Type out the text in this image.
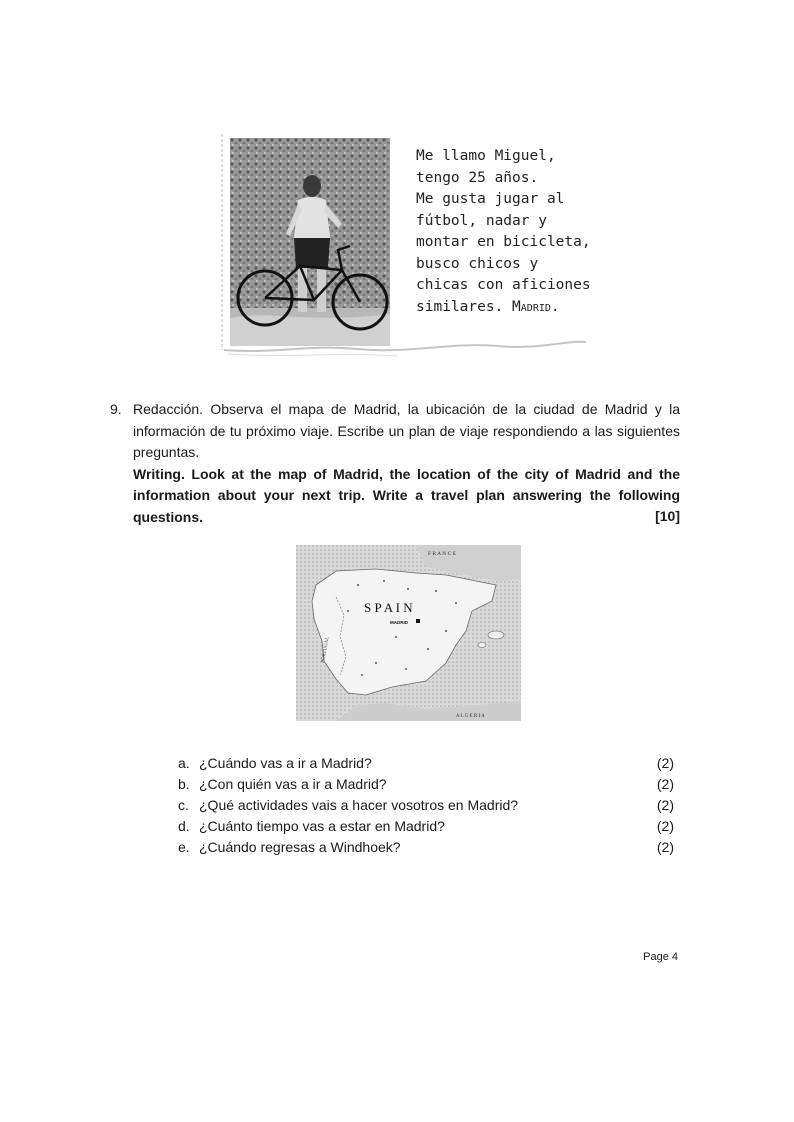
Me llamo Miguel,
tengo 25 años.
Me gusta jugar al
fútbol, nadar y
montar en bicicleta,
busco chicos y
chicas con aficiones
similares. Madrid.
9. Redacción. Observa el mapa de Madrid, la ubicación de la ciudad de Madrid y la información de tu próximo viaje. Escribe un plan de viaje respondiendo a las siguientes preguntas.

Writing. Look at the map of Madrid, the location of the city of Madrid and the information about your next trip. Write a travel plan answering the following questions.	[10]
F R A N C E
S P A I N
MADRID
PORTUGAL
A L G E R I A
a. ¿Cuándo vas a ir a Madrid?	(2)
b. ¿Con quién vas a ir a Madrid?	(2)
c. ¿Qué actividades vais a hacer vosotros en Madrid?	(2)
d. ¿Cuánto tiempo vas a estar en Madrid?	(2)
e. ¿Cuándo regresas a Windhoek?	(2)
Page 4
